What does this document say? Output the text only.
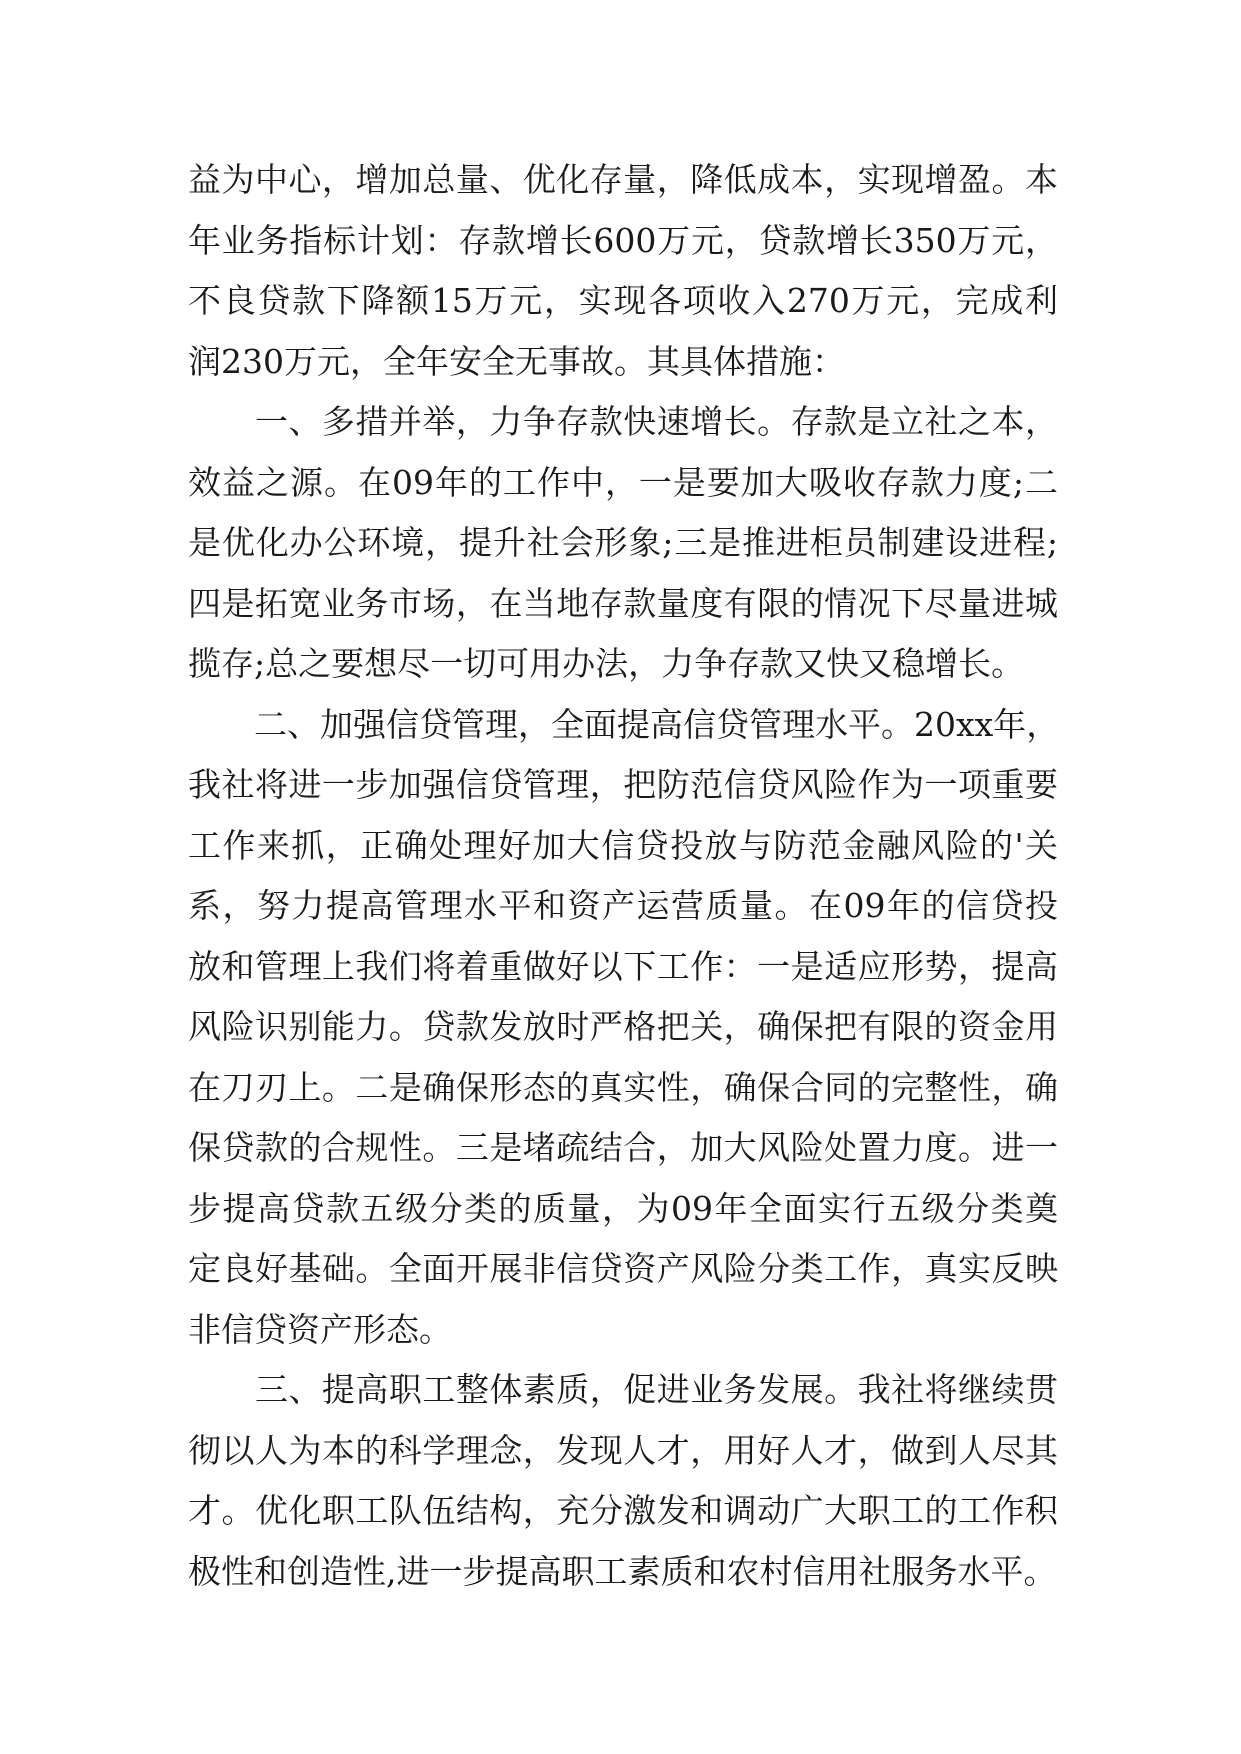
益为中心，增加总量、优化存量，降低成本，实现增盈。本
年业务指标计划：存款增长600万元，贷款增长350万元，
不良贷款下降额15万元，实现各项收入270万元，完成利
润230万元，全年安全无事故。其具体措施：
　　一、多措并举，力争存款快速增长。存款是立社之本，
效益之源。在09年的工作中，一是要加大吸收存款力度;二
是优化办公环境，提升社会形象;三是推进柜员制建设进程;
四是拓宽业务市场，在当地存款量度有限的情况下尽量进城
揽存;总之要想尽一切可用办法，力争存款又快又稳增长。
　　二、加强信贷管理，全面提高信贷管理水平。20xx年，
我社将进一步加强信贷管理，把防范信贷风险作为一项重要
工作来抓，正确处理好加大信贷投放与防范金融风险的'关
系，努力提高管理水平和资产运营质量。在09年的信贷投
放和管理上我们将着重做好以下工作：一是适应形势，提高
风险识别能力。贷款发放时严格把关，确保把有限的资金用
在刀刃上。二是确保形态的真实性，确保合同的完整性，确
保贷款的合规性。三是堵疏结合，加大风险处置力度。进一
步提高贷款五级分类的质量，为09年全面实行五级分类奠
定良好基础。全面开展非信贷资产风险分类工作，真实反映
非信贷资产形态。
　　三、提高职工整体素质，促进业务发展。我社将继续贯
彻以人为本的科学理念，发现人才，用好人才，做到人尽其
才。优化职工队伍结构，充分激发和调动广大职工的工作积
极性和创造性,进一步提高职工素质和农村信用社服务水平。
